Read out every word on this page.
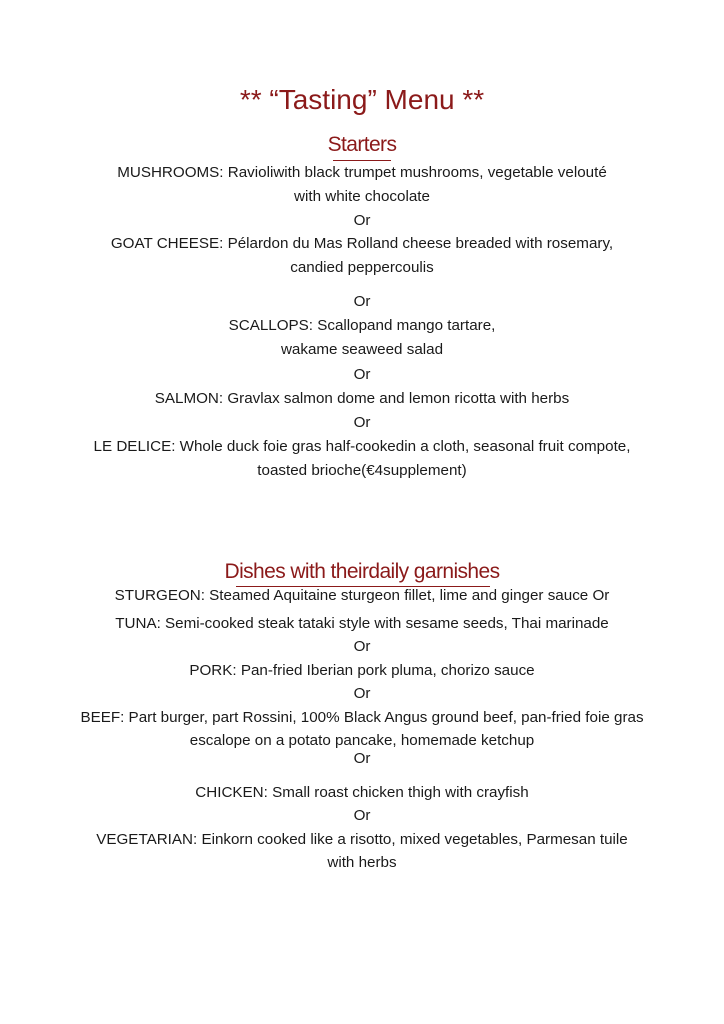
** “Tasting” Menu **
Starters
MUSHROOMS: Ravioliwith black trumpet mushrooms, vegetable velouté
with white chocolate
Or
GOAT CHEESE: Pélardon du Mas Rolland cheese breaded with rosemary,
candied peppercoulis
Or
SCALLOPS: Scallopand mango tartare,
wakame seaweed salad
Or
SALMON: Gravlax salmon dome and lemon ricotta with herbs
Or
LE DELICE: Whole duck foie gras half-cookedin a cloth, seasonal fruit compote,
toasted brioche(€4supplement)
Dishes with theirdaily garnishes
STURGEON: Steamed Aquitaine sturgeon fillet, lime and ginger sauce Or
TUNA: Semi-cooked steak tataki style with sesame seeds, Thai marinade
Or
PORK: Pan-fried Iberian pork pluma, chorizo sauce
Or
BEEF: Part burger, part Rossini, 100% Black Angus ground beef, pan-fried foie gras
escalope on a potato pancake, homemade ketchup
Or
CHICKEN: Small roast chicken thigh with crayfish
Or
VEGETARIAN: Einkorn cooked like a risotto, mixed vegetables, Parmesan tuile
with herbs
